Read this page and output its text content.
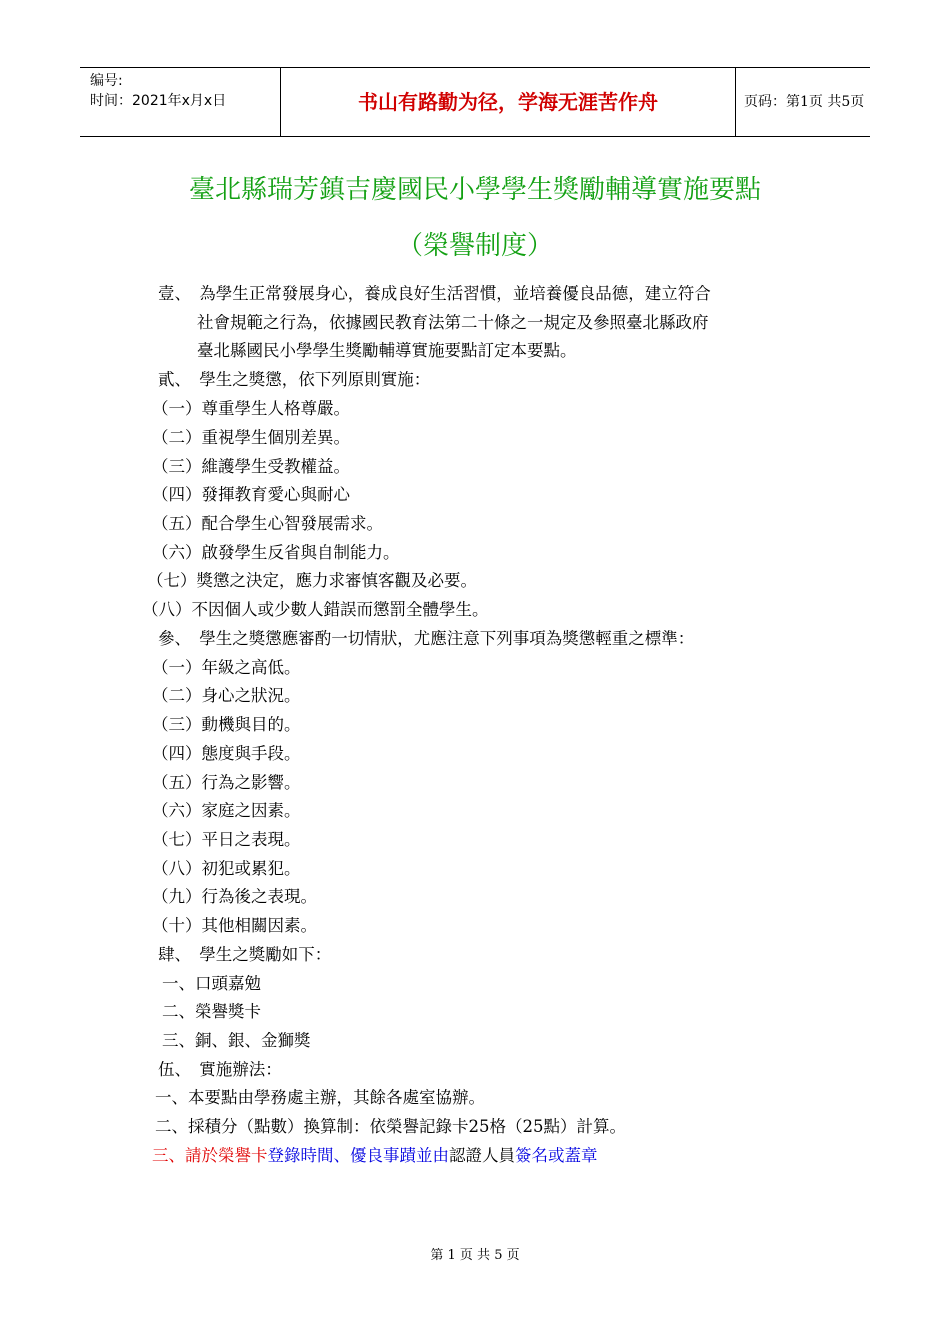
编号:
时间：2021年x月x日	书山有路勤为径，学海无涯苦作舟	页码：第1页 共5页
臺北縣瑞芳鎮吉慶國民小學學生獎勵輔導實施要點
（榮譽制度）
壹、　為學生正常發展身心，養成良好生活習慣，並培養優良品德，建立符合
社會規範之行為，依據國民教育法第二十條之一規定及參照臺北縣政府
臺北縣國民小學學生獎勵輔導實施要點訂定本要點。
貳、　學生之獎懲，依下列原則實施：
（一）尊重學生人格尊嚴。
（二）重視學生個別差異。
（三）維護學生受教權益。
（四）發揮教育愛心與耐心
（五）配合學生心智發展需求。
（六）啟發學生反省與自制能力。
（七）獎懲之決定，應力求審慎客觀及必要。
（八）不因個人或少數人錯誤而懲罰全體學生。
參、　學生之獎懲應審酌一切情狀，尤應注意下列事項為獎懲輕重之標準：
（一）年級之高低。
（二）身心之狀況。
（三）動機與目的。
（四）態度與手段。
（五）行為之影響。
（六）家庭之因素。
（七）平日之表現。
（八）初犯或累犯。
（九）行為後之表現。
（十）其他相關因素。
肆、　學生之獎勵如下：
一、口頭嘉勉
二、榮譽獎卡
三、銅、銀、金獅獎
伍、　實施辦法：
一、本要點由學務處主辦，其餘各處室協辦。
二、採積分（點數）換算制：依榮譽記錄卡25格（25點）計算。
三、請於榮譽卡登錄時間、優良事蹟並由認證人員簽名或蓋章
第 1 页 共 5 页
